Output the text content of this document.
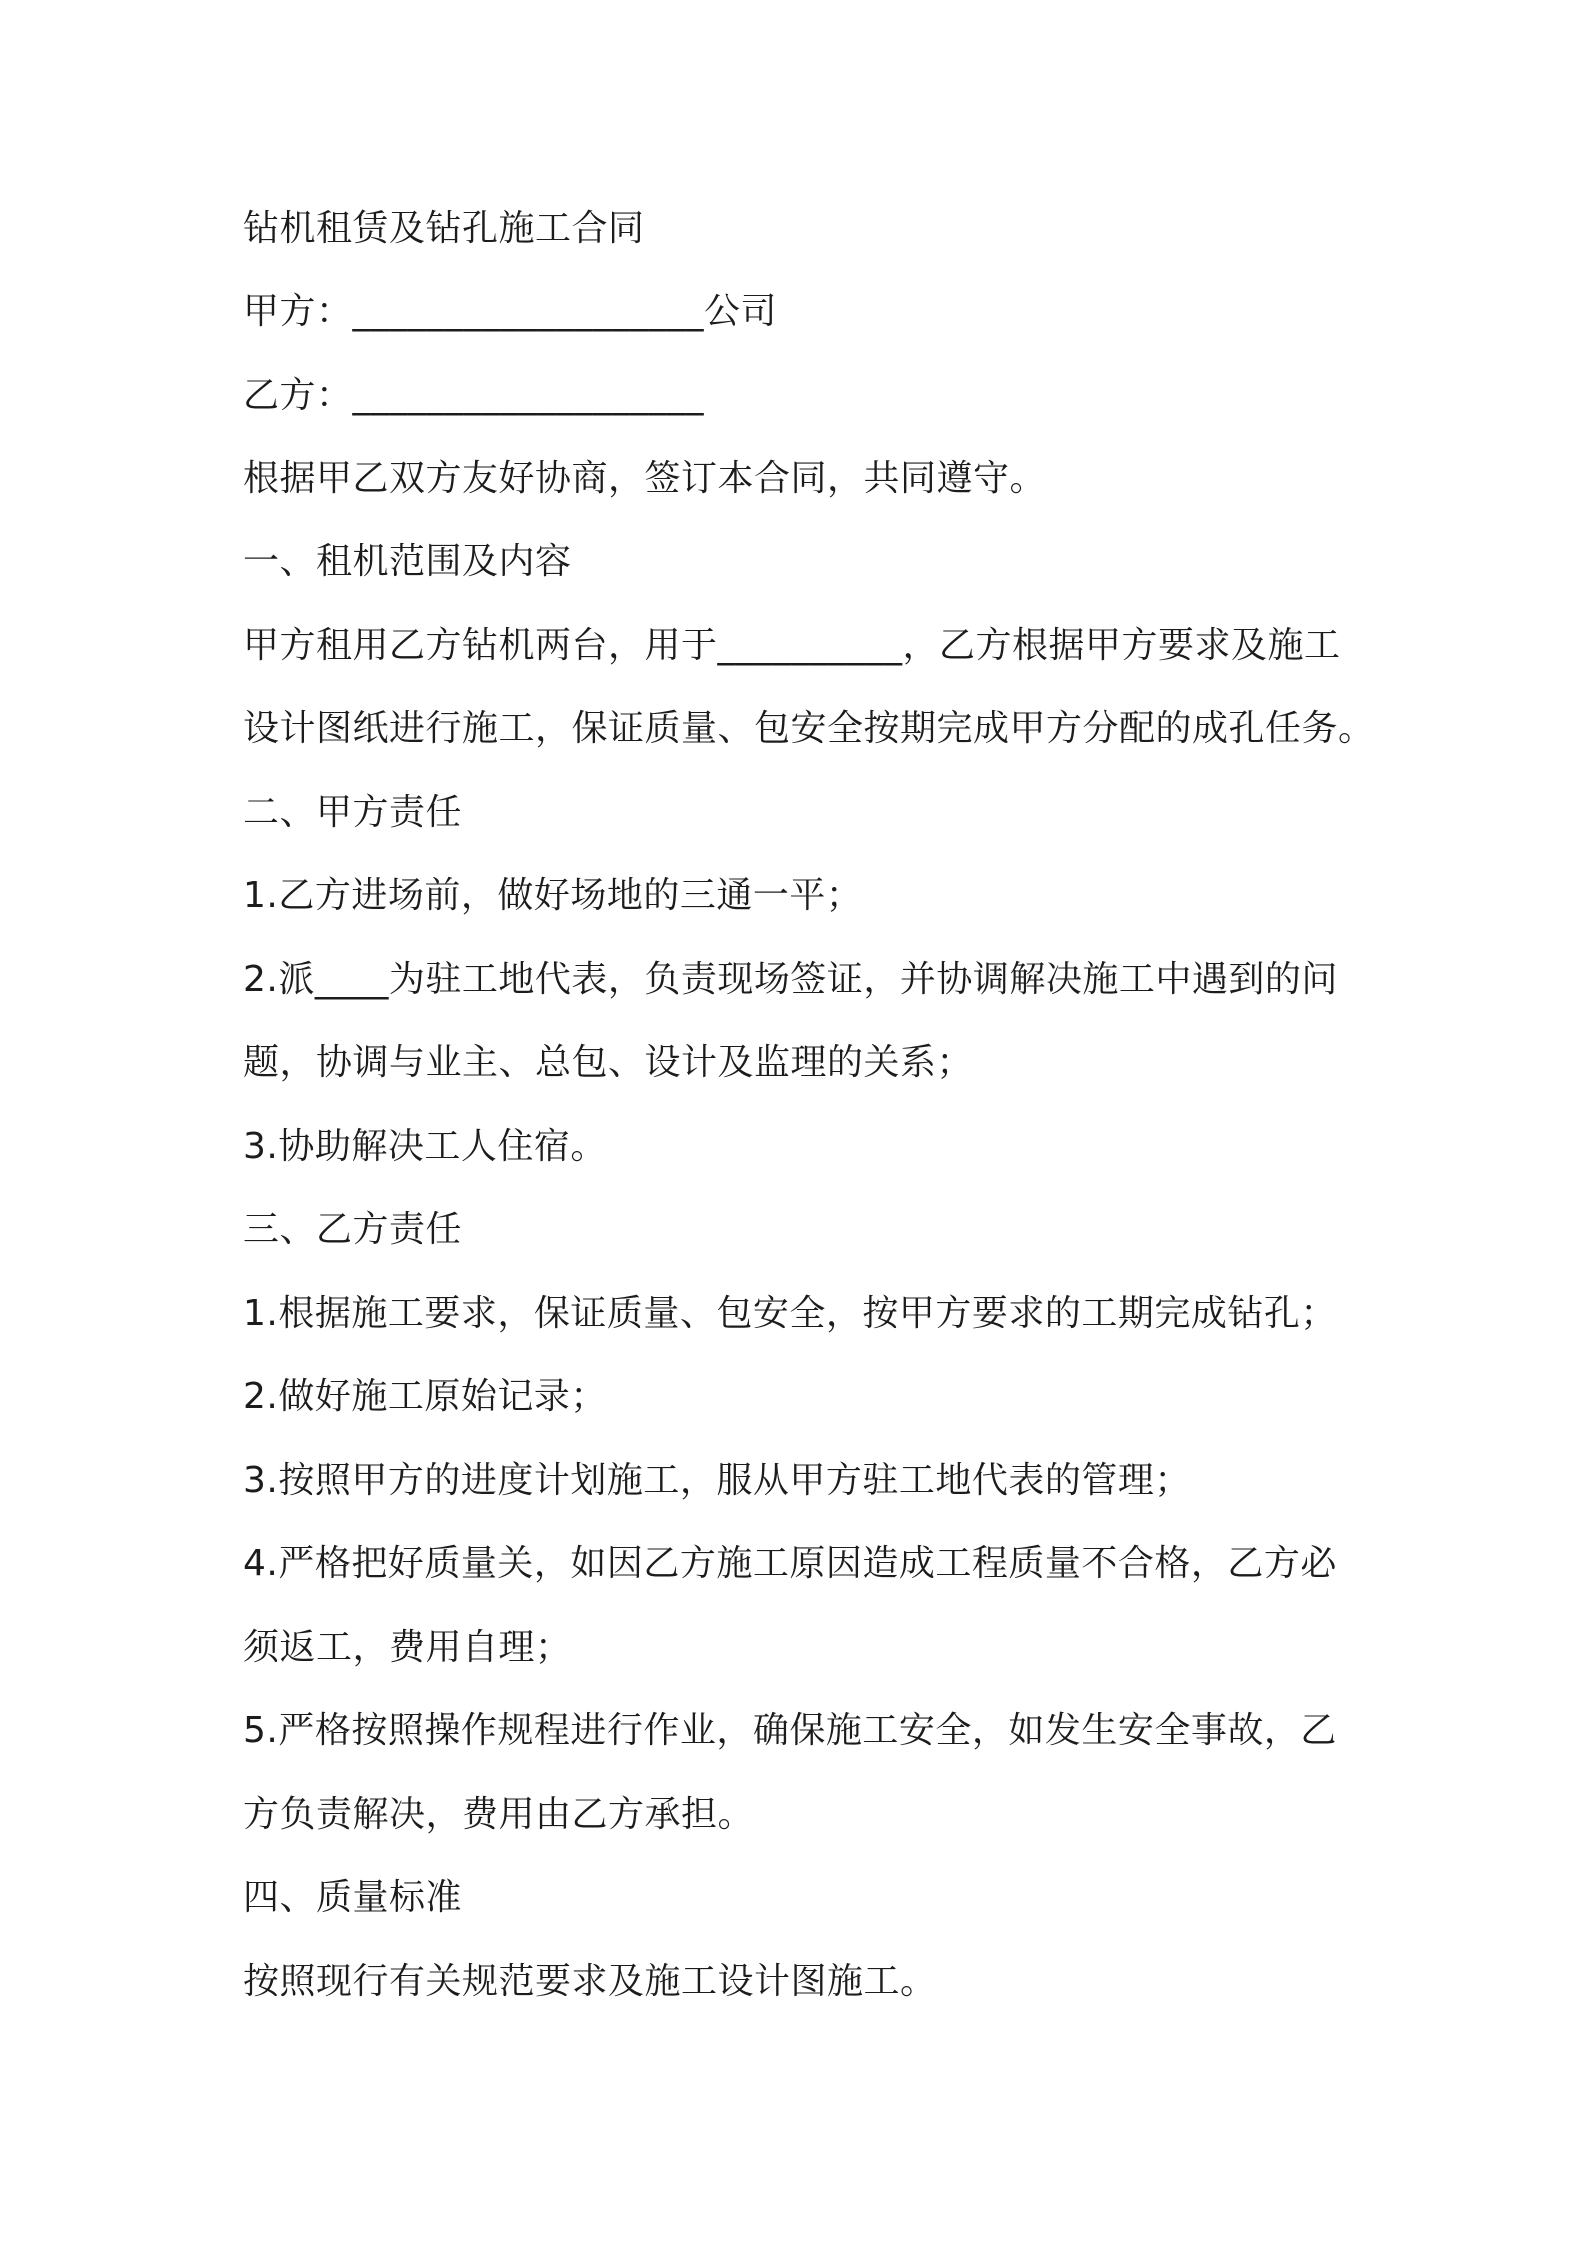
钻机租赁及钻孔施工合同
甲方：___________________公司
乙方：___________________
根据甲乙双方友好协商，签订本合同，共同遵守。
一、租机范围及内容
甲方租用乙方钻机两台，用于__________，乙方根据甲方要求及施工
设计图纸进行施工，保证质量、包安全按期完成甲方分配的成孔任务。
二、甲方责任
1.乙方进场前，做好场地的三通一平；
2.派____为驻工地代表，负责现场签证，并协调解决施工中遇到的问
题，协调与业主、总包、设计及监理的关系；
3.协助解决工人住宿。
三、乙方责任
1.根据施工要求，保证质量、包安全，按甲方要求的工期完成钻孔；
2.做好施工原始记录；
3.按照甲方的进度计划施工，服从甲方驻工地代表的管理；
4.严格把好质量关，如因乙方施工原因造成工程质量不合格，乙方必
须返工，费用自理；
5.严格按照操作规程进行作业，确保施工安全，如发生安全事故，乙
方负责解决，费用由乙方承担。
四、质量标准
按照现行有关规范要求及施工设计图施工。
